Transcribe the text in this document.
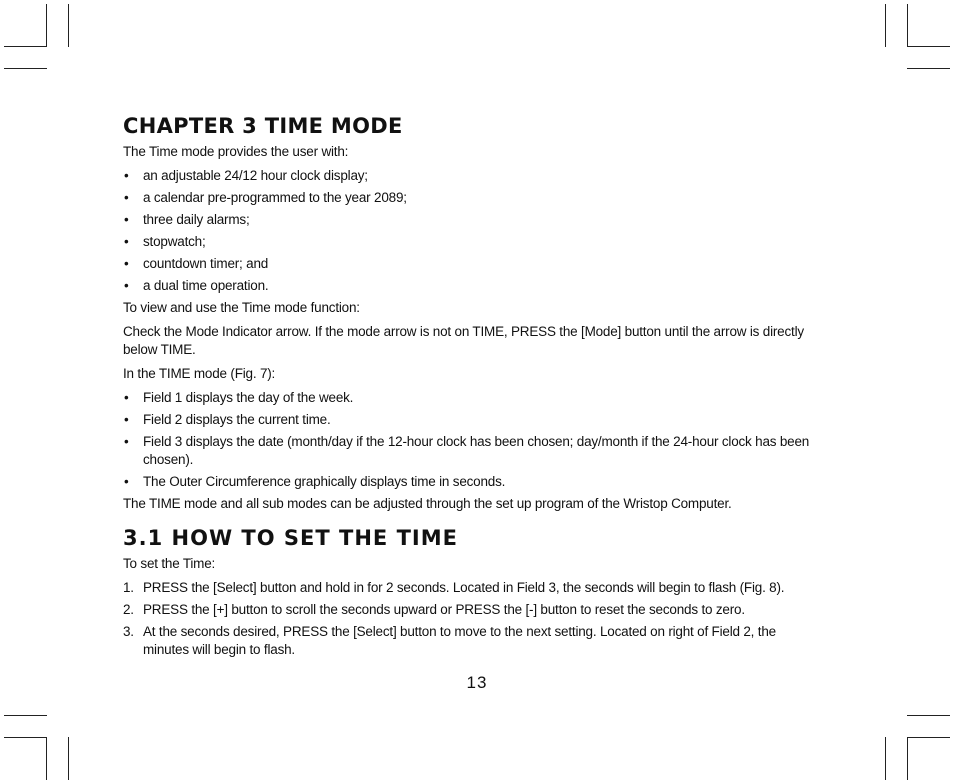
CHAPTER 3 TIME MODE

The Time mode provides the user with:

• an adjustable 24/12 hour clock display;
• a calendar pre-programmed to the year 2089;
• three daily alarms;
• stopwatch;
• countdown timer; and
• a dual time operation.

To view and use the Time mode function:

Check the Mode Indicator arrow. If the mode arrow is not on TIME, PRESS the [Mode] button until the arrow is directly below TIME.

In the TIME mode (Fig. 7):

• Field 1 displays the day of the week.
• Field 2 displays the current time.
• Field 3 displays the date (month/day if the 12-hour clock has been chosen; day/month if the 24-hour clock has been chosen).
• The Outer Circumference graphically displays time in seconds.

The TIME mode and all sub modes can be adjusted through the set up program of the Wristop Computer.

3.1 HOW TO SET THE TIME

To set the Time:

1. PRESS the [Select] button and hold in for 2 seconds. Located in Field 3, the seconds will begin to flash (Fig. 8).
2. PRESS the [+] button to scroll the seconds upward or PRESS the [-] button to reset the seconds to zero.
3. At the seconds desired, PRESS the [Select] button to move to the next setting. Located on right of Field 2, the minutes will begin to flash.
13
